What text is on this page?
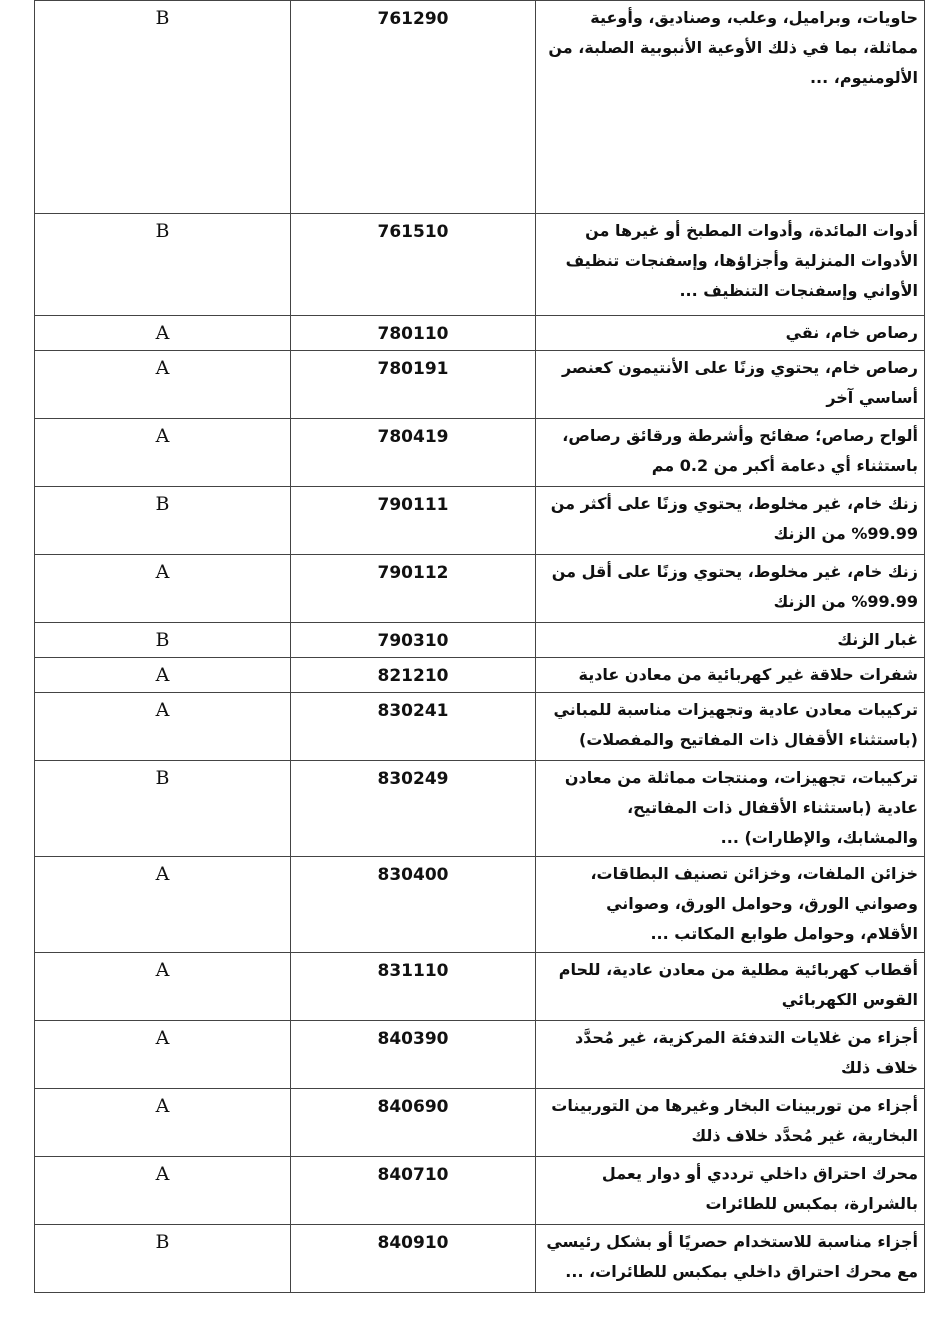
B	761290	حاويات، وبراميل، وعلب، وصناديق، وأوعية مماثلة، بما في ذلك الأوعية الأنبوبية الصلبة، من الألومنيوم، ...
B	761510	أدوات المائدة، وأدوات المطبخ أو غيرها من الأدوات المنزلية وأجزاؤها، وإسفنجات تنظيف الأواني وإسفنجات التنظيف ...
A	780110	رصاص خام، نقي
A	780191	رصاص خام، يحتوي وزنًا على الأنتيمون كعنصر أساسي آخر
A	780419	ألواح رصاص؛ صفائح وأشرطة ورقائق رصاص، باستثناء أي دعامة أكبر من 0.2 مم
B	790111	زنك خام، غير مخلوط، يحتوي وزنًا على أكثر من 99.99% من الزنك
A	790112	زنك خام، غير مخلوط، يحتوي وزنًا على أقل من 99.99% من الزنك
B	790310	غبار الزنك
A	821210	شفرات حلاقة غير كهربائية من معادن عادية
A	830241	تركيبات معادن عادية وتجهيزات مناسبة للمباني (باستثناء الأقفال ذات المفاتيح والمفصلات)
B	830249	تركيبات، تجهيزات، ومنتجات مماثلة من معادن عادية (باستثناء الأقفال ذات المفاتيح، والمشابك، والإطارات) ...
A	830400	خزائن الملفات، وخزائن تصنيف البطاقات، وصواني الورق، وحوامل الورق، وصواني الأقلام، وحوامل طوابع المكاتب ...
A	831110	أقطاب كهربائية مطلية من معادن عادية، للحام القوس الكهربائي
A	840390	أجزاء من غلايات التدفئة المركزية، غير مُحدَّد خلاف ذلك
A	840690	أجزاء من توربينات البخار وغيرها من التوربينات البخارية، غير مُحدَّد خلاف ذلك
A	840710	محرك احتراق داخلي ترددي أو دوار يعمل بالشرارة، بمكبس للطائرات
B	840910	أجزاء مناسبة للاستخدام حصريًا أو بشكل رئيسي مع محرك احتراق داخلي بمكبس للطائرات، ...
